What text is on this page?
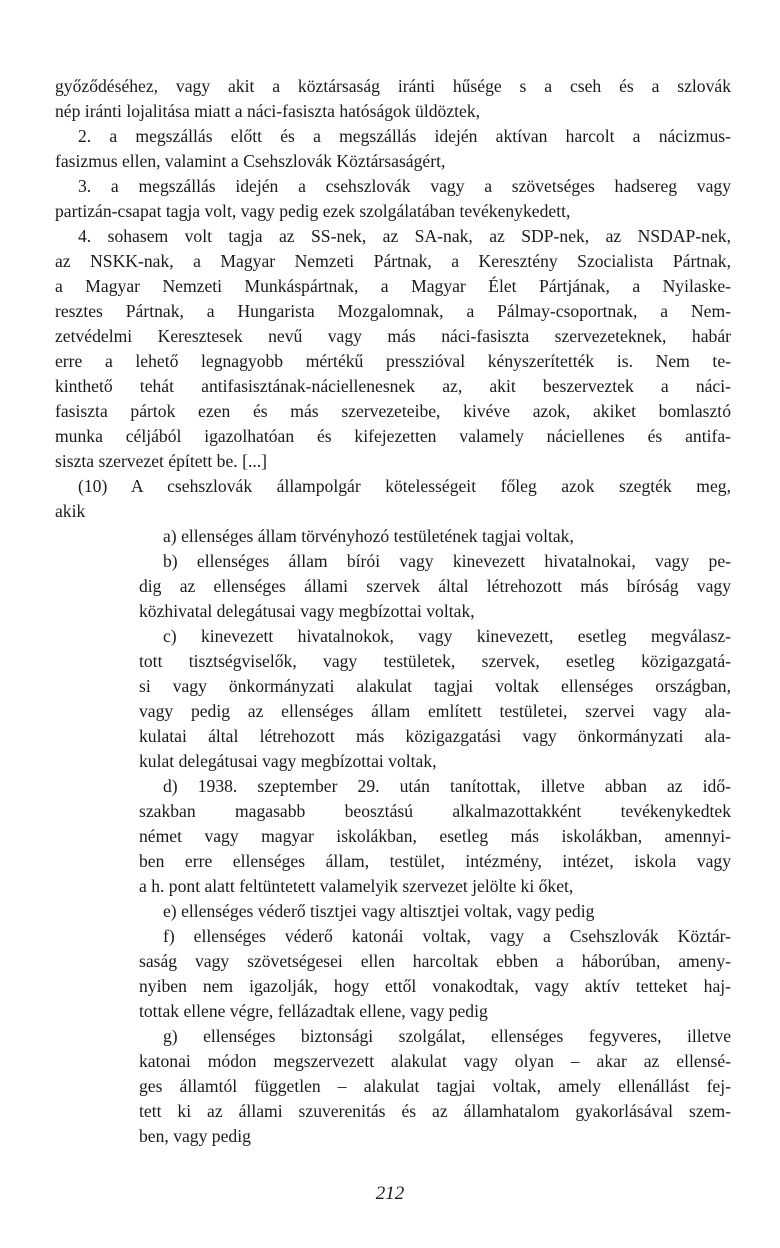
győződéséhez, vagy akit a köztársaság iránti hűsége s a cseh és a szlovák
nép iránti lojalitása miatt a náci-fasiszta hatóságok üldöztek,
2. a megszállás előtt és a megszállás idején aktívan harcolt a nácizmus-
fasizmus ellen, valamint a Csehszlovák Köztársaságért,
3. a megszállás idején a csehszlovák vagy a szövetséges hadsereg vagy
partizán-csapat tagja volt, vagy pedig ezek szolgálatában tevékenykedett,
4. sohasem volt tagja az SS-nek, az SA-nak, az SDP-nek, az NSDAP-nek,
az NSKK-nak, a Magyar Nemzeti Pártnak, a Keresztény Szocialista Pártnak,
a Magyar Nemzeti Munkáspártnak, a Magyar Élet Pártjának, a Nyilaske-
resztes Pártnak, a Hungarista Mozgalomnak, a Pálmay-csoportnak, a Nem-
zetvédelmi Keresztesek nevű vagy más náci-fasiszta szervezeteknek, habár
erre a lehető legnagyobb mértékű presszióval kényszerítették is. Nem te-
kinthető tehát antifasisztának-náciellenesnek az, akit beszerveztek a náci-
fasiszta pártok ezen és más szervezeteibe, kivéve azok, akiket bomlasztó
munka céljából igazolhatóan és kifejezetten valamely náciellenes és antifa-
siszta szervezet épített be. [...]
(10) A csehszlovák állampolgár kötelességeit főleg azok szegték meg,
akik
a) ellenséges állam törvényhozó testületének tagjai voltak,
b) ellenséges állam bírói vagy kinevezett hivatalnokai, vagy pe-
dig az ellenséges állami szervek által létrehozott más bíróság vagy
közhivatal delegátusai vagy megbízottai voltak,
c) kinevezett hivatalnokok, vagy kinevezett, esetleg megválasz-
tott tisztségviselők, vagy testületek, szervek, esetleg közigazgatá-
si vagy önkormányzati alakulat tagjai voltak ellenséges országban,
vagy pedig az ellenséges állam említett testületei, szervei vagy ala-
kulatai által létrehozott más közigazgatási vagy önkormányzati ala-
kulat delegátusai vagy megbízottai voltak,
d) 1938. szeptember 29. után tanítottak, illetve abban az idő-
szakban magasabb beosztású alkalmazottakként tevékenykedtek
német vagy magyar iskolákban, esetleg más iskolákban, amennyi-
ben erre ellenséges állam, testület, intézmény, intézet, iskola vagy
a h. pont alatt feltüntetett valamelyik szervezet jelölte ki őket,
e) ellenséges véderő tisztjei vagy altisztjei voltak, vagy pedig
f) ellenséges véderő katonái voltak, vagy a Csehszlovák Köztár-
saság vagy szövetségesei ellen harcoltak ebben a háborúban, ameny-
nyiben nem igazolják, hogy ettől vonakodtak, vagy aktív tetteket haj-
tottak ellene végre, fellázadtak ellene, vagy pedig
g) ellenséges biztonsági szolgálat, ellenséges fegyveres, illetve
katonai módon megszervezett alakulat vagy olyan – akar az ellensé-
ges államtól független – alakulat tagjai voltak, amely ellenállást fej-
tett ki az állami szuverenitás és az államhatalom gyakorlásával szem-
ben, vagy pedig
212
